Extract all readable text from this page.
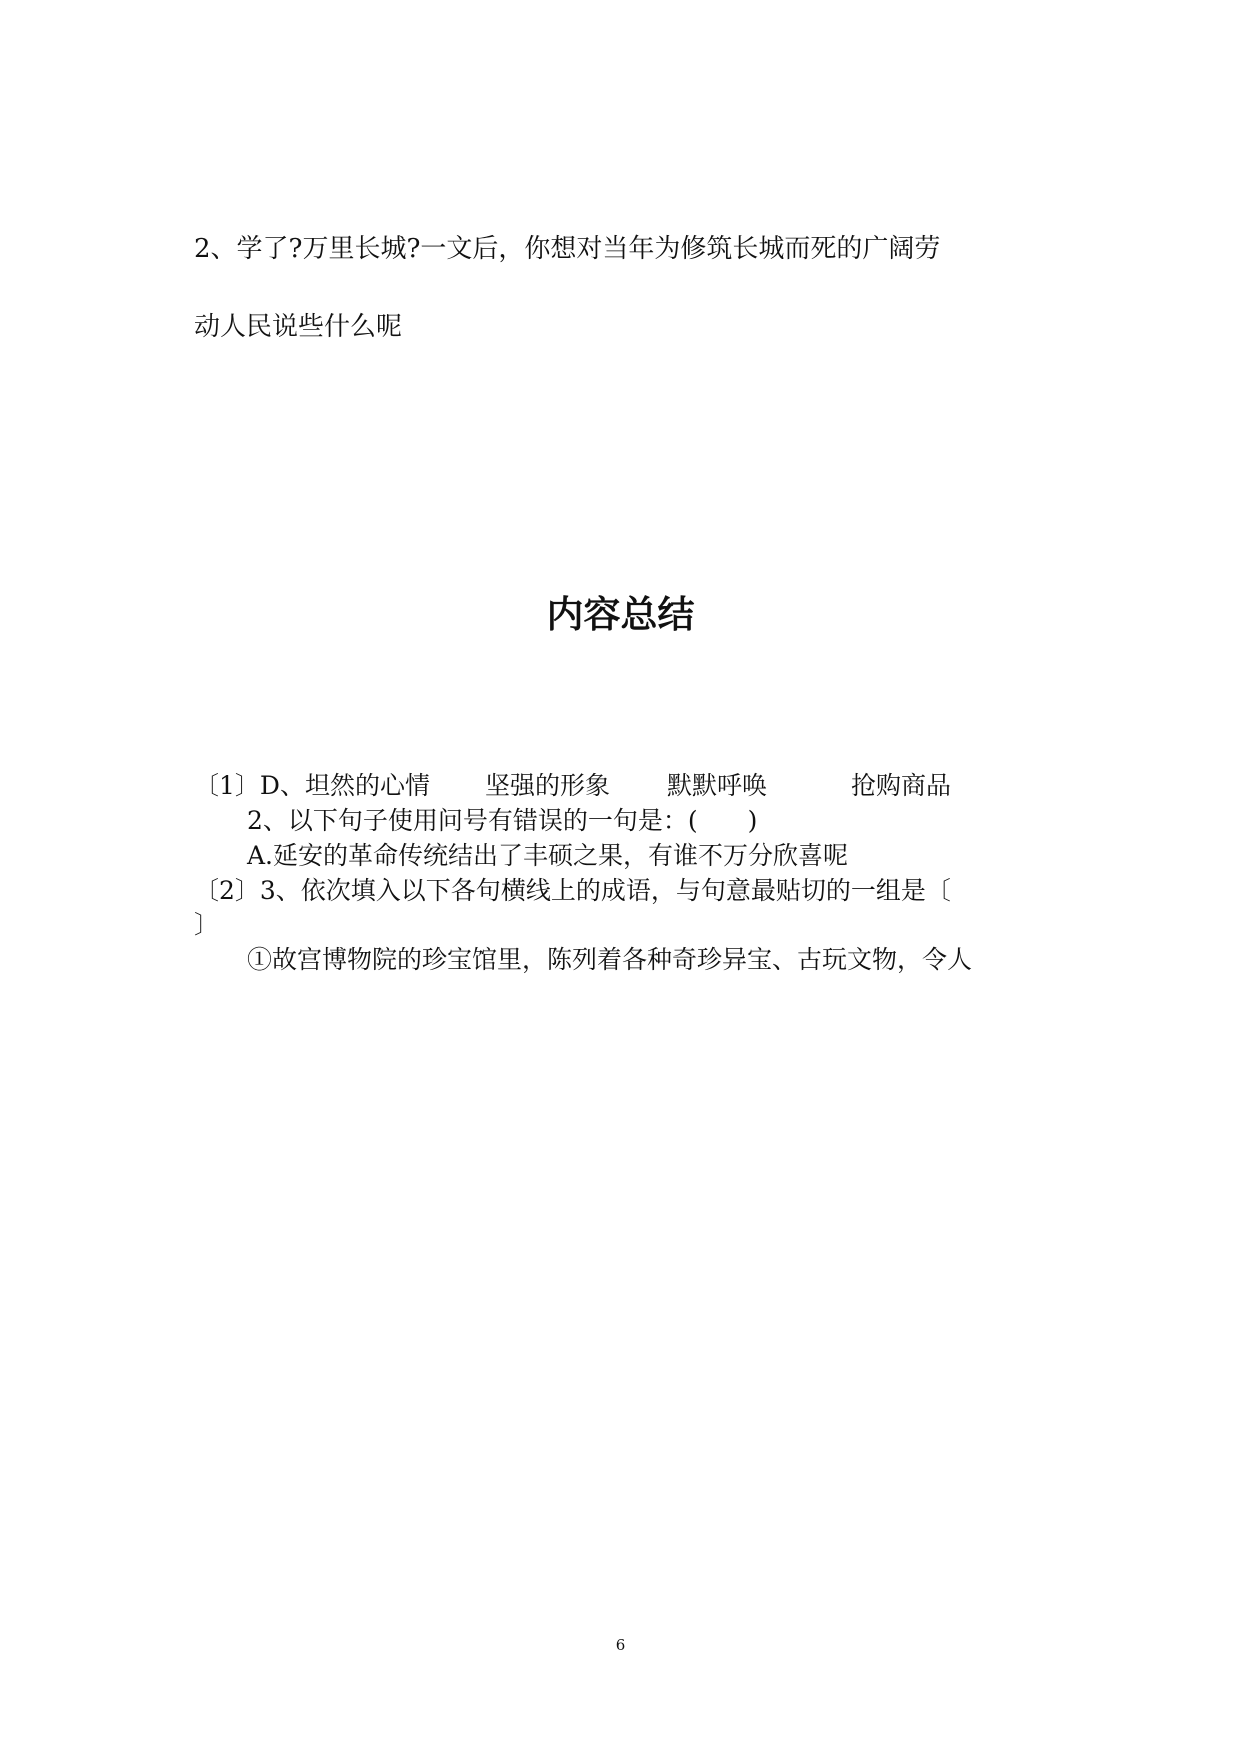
2、学了?万里长城?一文后，你想对当年为修筑长城而死的广阔劳
动人民说些什么呢
内容总结
〔1〕D、坦然的心情 坚强的形象 默默呼唤	抢购商品
2、以下句子使用问号有错误的一句是：(　　)
A.延安的革命传统结出了丰硕之果，有谁不万分欣喜呢
〔2〕3、依次填入以下各句横线上的成语，与句意最贴切的一组是〔
〕
①故宫博物院的珍宝馆里，陈列着各种奇珍异宝、古玩文物，令人
6
